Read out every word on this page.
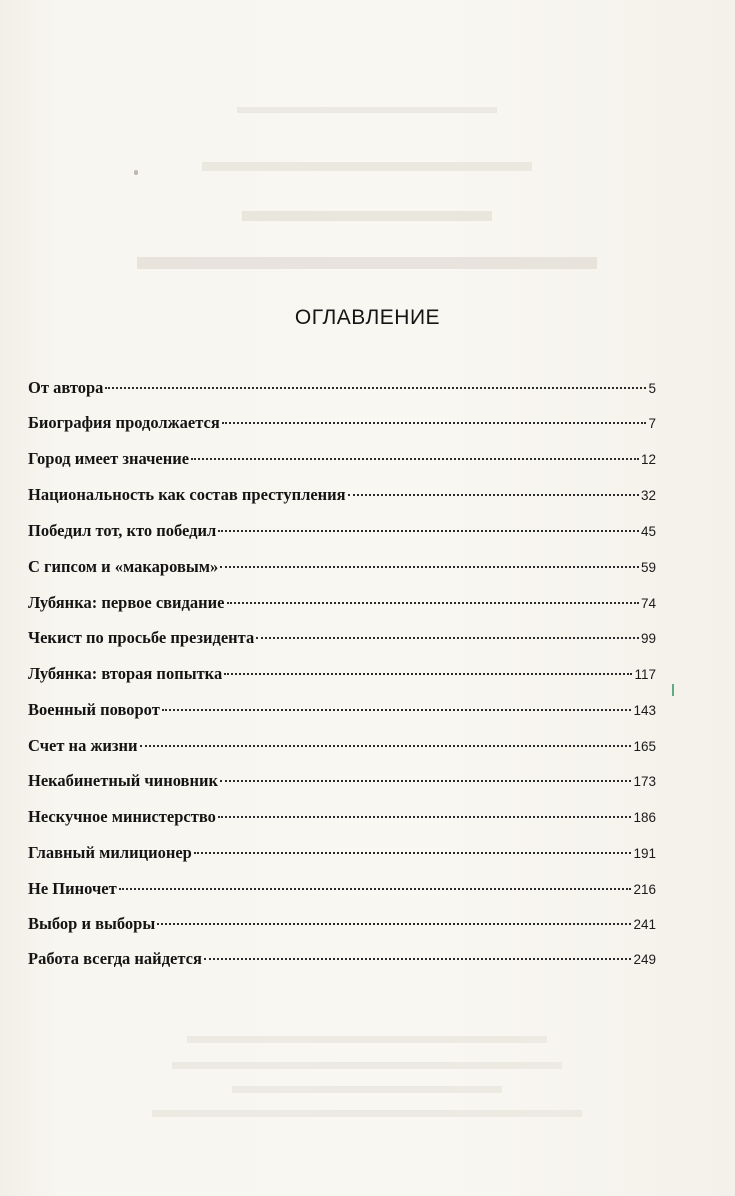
ОГЛАВЛЕНИЕ
От автора	5
Биография продолжается	7
Город имеет значение	12
Национальность как состав преступления	32
Победил тот, кто победил	45
С гипсом и «макаровым»	59
Лубянка: первое свидание	74
Чекист по просьбе президента	99
Лубянка: вторая попытка	117
Военный поворот	143
Счет на жизни	165
Некабинетный чиновник	173
Нескучное министерство	186
Главный милиционер	191
Не Пиночет	216
Выбор и выборы	241
Работа всегда найдется	249
